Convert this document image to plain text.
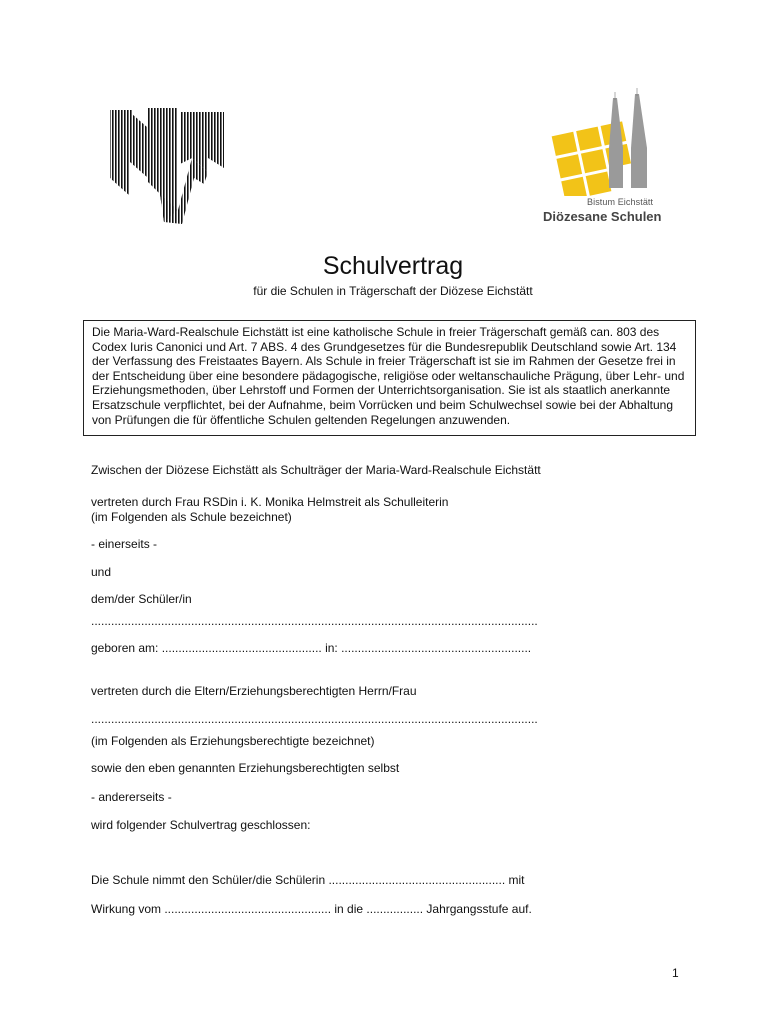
Bistum Eichstätt
Diözesane Schulen
Schulvertrag
für die Schulen in Trägerschaft der Diözese Eichstätt
Die Maria-Ward-Realschule Eichstätt ist eine katholische Schule in freier Trägerschaft gemäß can. 803 des Codex Iuris Canonici und Art. 7 ABS. 4 des Grundgesetzes für die Bundesrepublik Deutschland sowie Art. 134 der Verfassung des Freistaates Bayern. Als Schule in freier Trägerschaft ist sie im Rahmen der Gesetze frei in der Entscheidung über eine besondere pädagogische, religiöse oder weltanschauliche Prägung, über Lehr- und Erziehungsmethoden, über Lehrstoff und Formen der Unterrichtsorganisation. Sie ist als staatlich anerkannte Ersatzschule verpflichtet, bei der Aufnahme, beim Vorrücken und beim Schulwechsel sowie bei der Abhaltung von Prüfungen die für öffentliche Schulen geltenden Regelungen anzuwenden.
Zwischen der Diözese Eichstätt als Schulträger der Maria-Ward-Realschule Eichstätt
vertreten durch Frau RSDin i. K. Monika Helmstreit als Schulleiterin
(im Folgenden als Schule bezeichnet)
- einerseits -
und
dem/der Schüler/in
......................................................................................................................................
geboren am: ................................................ in: .........................................................
vertreten durch die Eltern/Erziehungsberechtigten Herrn/Frau
......................................................................................................................................
(im Folgenden als Erziehungsberechtigte bezeichnet)
sowie den eben genannten Erziehungsberechtigten selbst
- andererseits -
wird folgender Schulvertrag geschlossen:
Die Schule nimmt den Schüler/die Schülerin ..................................................... mit
Wirkung vom .................................................. in die ................. Jahrgangsstufe auf.
1
